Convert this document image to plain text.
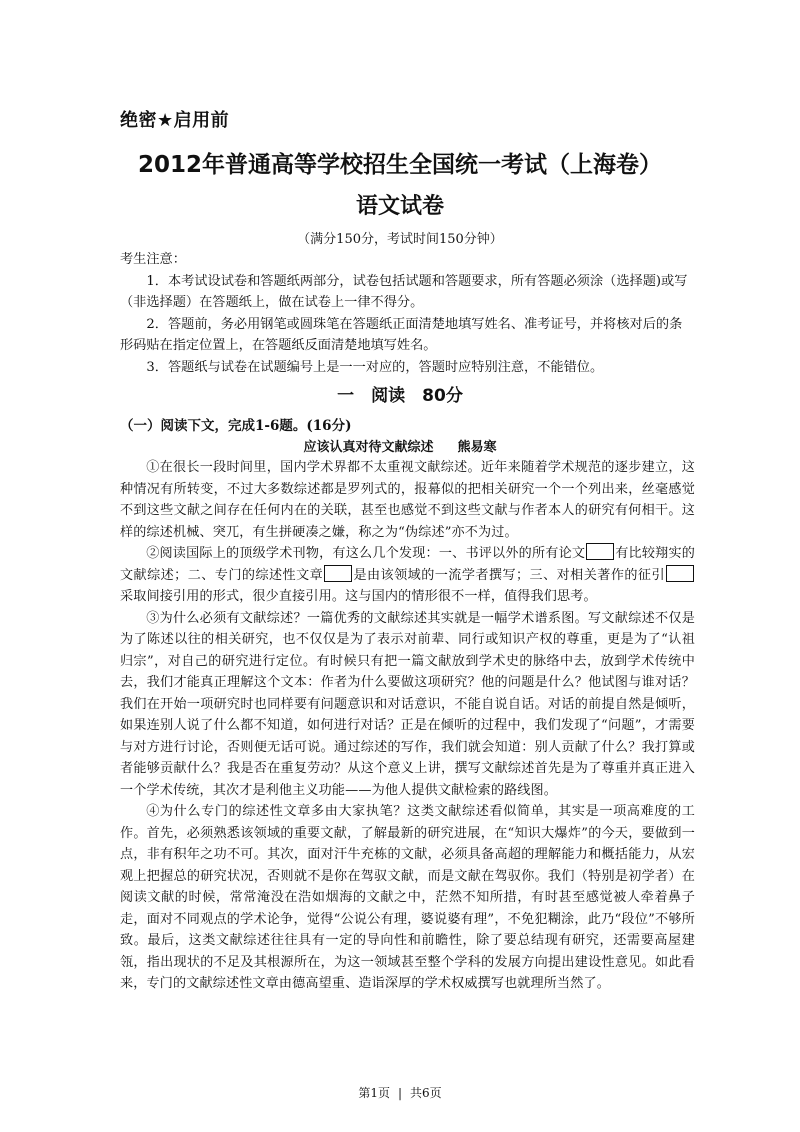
绝密★启用前
2012年普通高等学校招生全国统一考试（上海卷）
语文试卷
（满分150分，考试时间150分钟）

考生注意：

1．本考试设试卷和答题纸两部分，试卷包括试题和答题要求，所有答题必须涂（选择题)或写（非选择题）在答题纸上，做在试卷上一律不得分。

2．答题前，务必用钢笔或圆珠笔在答题纸正面清楚地填写姓名、准考证号，并将核对后的条形码贴在指定位置上，在答题纸反面清楚地填写姓名。

3．答题纸与试卷在试题编号上是一一对应的，答题时应特别注意，不能错位。

一　阅读　80分
（一）阅读下文，完成1-6题。(16分)
应该认真对待文献综述 熊易寒

①在很长一段时间里，国内学术界都不太重视文献综述。近年来随着学术规范的逐步建立，这种情况有所转变，不过大多数综述都是罗列式的，报幕似的把相关研究一个一个列出来，丝毫感觉不到这些文献之间存在任何内在的关联，甚至也感觉不到这些文献与作者本人的研究有何相干。这样的综述机械、突兀，有生拼硬凑之嫌，称之为“伪综述”亦不为过。

②阅读国际上的顶级学术刊物，有这么几个发现：一、书评以外的所有论文 有比较翔实的文献综述；二、专门的综述性文章 是由该领域的一流学者撰写；三、对相关著作的征引采取间接引用的形式，很少直接引用。这与国内的情形很不一样，值得我们思考。

③为什么必须有文献综述？一篇优秀的文献综述其实就是一幅学术谱系图。写文献综述不仅是为了陈述以往的相关研究，也不仅仅是为了表示对前辈、同行或知识产权的尊重，更是为了“认祖归宗”，对自己的研究进行定位。有时候只有把一篇文献放到学术史的脉络中去，放到学术传统中去，我们才能真正理解这个文本：作者为什么要做这项研究？他的问题是什么？他试图与谁对话？我们在开始一项研究时也同样要有问题意识和对话意识，不能自说自话。对话的前提自然是倾听，如果连别人说了什么都不知道，如何进行对话？正是在倾听的过程中，我们发现了“问题”，才需要与对方进行讨论，否则便无话可说。通过综述的写作，我们就会知道：别人贡献了什么？我打算或者能够贡献什么？我是否在重复劳动？从这个意义上讲，撰写文献综述首先是为了尊重并真正进入一个学术传统，其次才是利他主义功能——为他人提供文献检索的路线图。

④为什么专门的综述性文章多由大家执笔？这类文献综述看似简单，其实是一项高难度的工作。首先，必须熟悉该领域的重要文献，了解最新的研究进展，在“知识大爆炸”的今天，要做到一点，非有积年之功不可。其次，面对汗牛充栋的文献，必须具备高超的理解能力和概括能力，从宏观上把握总的研究状况，否则就不是你在驾驭文献，而是文献在驾驭你。我们（特别是初学者）在阅读文献的时候，常常淹没在浩如烟海的文献之中，茫然不知所措，有时甚至感觉被人牵着鼻子走，面对不同观点的学术论争，觉得“公说公有理，婆说婆有理”，不免犯糊涂，此乃“段位”不够所致。最后，这类文献综述往往具有一定的导向性和前瞻性，除了要总结现有研究，还需要高屋建瓴，指出现状的不足及其根源所在，为这一领域甚至整个学科的发展方向提出建设性意见。如此看来，专门的文献综述性文章由德高望重、造诣深厚的学术权威撰写也就理所当然了。

第1页 | 共6页
